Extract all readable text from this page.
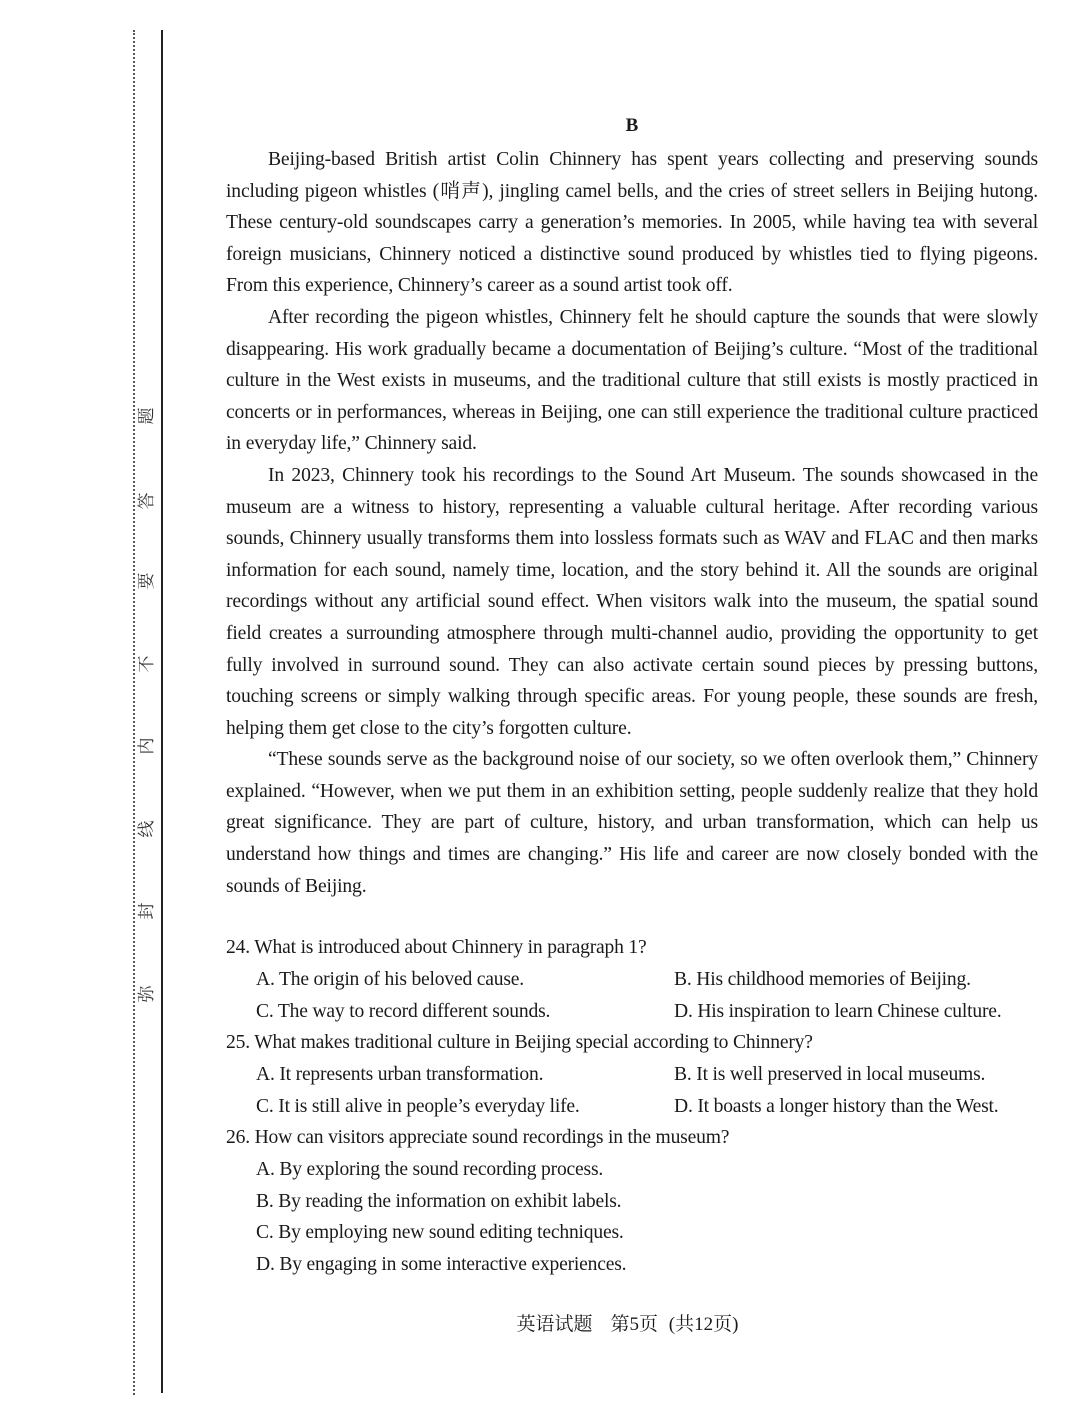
题
答
要
不
内
线
封
弥
B

Beijing-based British artist Colin Chinnery has spent years collecting and preserving sounds including pigeon whistles (哨声), jingling camel bells, and the cries of street sellers in Beijing hutong. These century-old soundscapes carry a generation’s memories. In 2005, while having tea with several foreign musicians, Chinnery noticed a distinctive sound produced by whistles tied to flying pigeons. From this experience, Chinnery’s career as a sound artist took off.

After recording the pigeon whistles, Chinnery felt he should capture the sounds that were slowly disappearing. His work gradually became a documentation of Beijing’s culture. “Most of the traditional culture in the West exists in museums, and the traditional culture that still exists is mostly practiced in concerts or in performances, whereas in Beijing, one can still experience the traditional culture practiced in everyday life,” Chinnery said.

In 2023, Chinnery took his recordings to the Sound Art Museum. The sounds showcased in the museum are a witness to history, representing a valuable cultural heritage. After recording various sounds, Chinnery usually transforms them into lossless formats such as WAV and FLAC and then marks information for each sound, namely time, location, and the story behind it. All the sounds are original recordings without any artificial sound effect. When visitors walk into the museum, the spatial sound field creates a surrounding atmosphere through multi-channel audio, providing the opportunity to get fully involved in surround sound. They can also activate certain sound pieces by pressing buttons, touching screens or simply walking through specific areas. For young people, these sounds are fresh, helping them get close to the city’s forgotten culture.

“These sounds serve as the background noise of our society, so we often overlook them,” Chinnery explained. “However, when we put them in an exhibition setting, people suddenly realize that they hold great significance. They are part of culture, history, and urban transformation, which can help us understand how things and times are changing.” His life and career are now closely bonded with the sounds of Beijing.

24. What is introduced about Chinnery in paragraph 1?

A. The origin of his beloved cause.	B. His childhood memories of Beijing.
C. The way to record different sounds.	D. His inspiration to learn Chinese culture.

25. What makes traditional culture in Beijing special according to Chinnery?

A. It represents urban transformation.	B. It is well preserved in local museums.
C. It is still alive in people’s everyday life.	D. It boasts a longer history than the West.

26. How can visitors appreciate sound recordings in the museum?

A. By exploring the sound recording process.
B. By reading the information on exhibit labels.
C. By employing new sound editing techniques.
D. By engaging in some interactive experiences.
英语试题 第5页 (共12页)
